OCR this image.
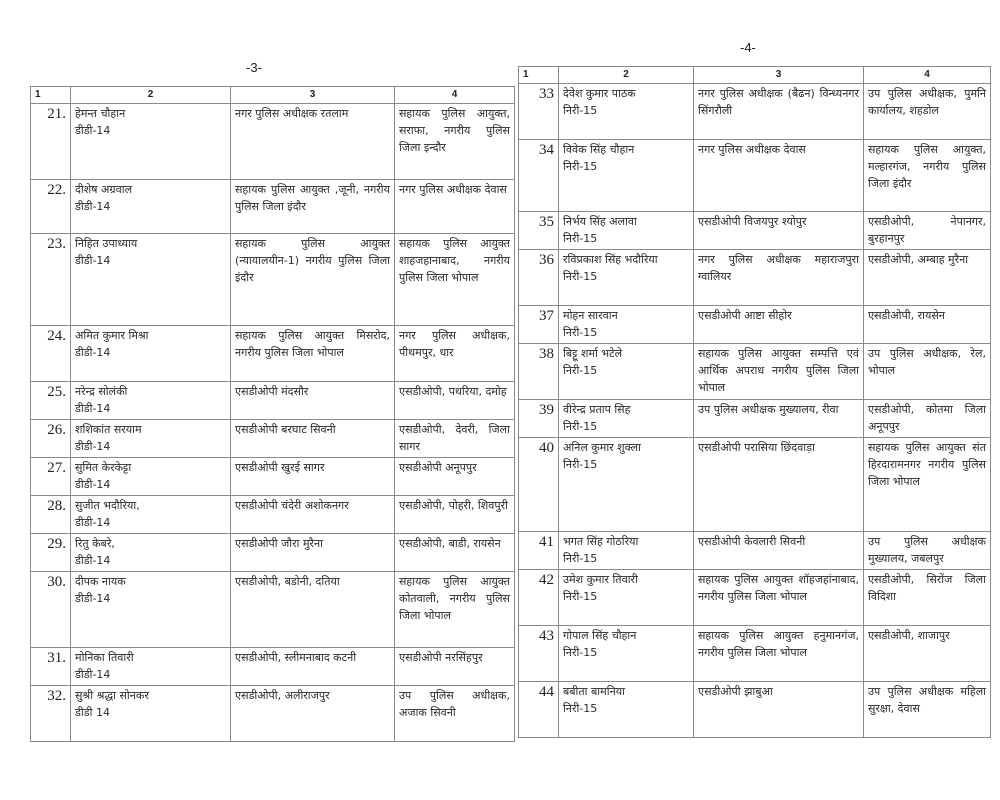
-3-
1	2	3	4
21.	हेमन्त चौहान
डीडी-14	नगर पुलिस अधीक्षक रतलाम	सहायक पुलिस आयुक्त, सराफा, नगरीय पुलिस जिला इन्दौर
22.	दीशेष अग्रवाल
डीडी-14	सहायक पुलिस आयुक्त ,जूनी, नगरीय पुलिस जिला इंदौर	नगर पुलिस अधीक्षक देवास
23.	निहित उपाध्याय
डीडी-14	सहायक पुलिस आयुक्त (न्यायालयीन-1) नगरीय पुलिस जिला इंदौर	सहायक पुलिस आयुक्त शाहजहानाबाद, नगरीय पुलिस जिला भोपाल
24.	अमित कुमार मिश्रा
डीडी-14	सहायक पुलिस आयुक्त मिसरोद, नगरीय पुलिस जिला भोपाल	नगर पुलिस अधीक्षक, पीथमपुर, धार
25.	नरेन्द्र सोलंकी
डीडी-14	एसडीओपी मंदसौर	एसडीओपी, पथरिया, दमोह
26.	शशिकांत सरयाम
डीडी-14	एसडीओपी बरघाट सिवनी	एसडीओपी, देवरी, जिला सागर
27.	सुमित केरकेट्टा
डीडी-14	एसडीओपी खुरई सागर	एसडीओपी अनूपपुर
28.	सुजीत भदौरिया,
डीडी-14	एसडीओपी चंदेरी अशोकनगर	एसडीओपी, पोहरी, शिवपुरी
29.	रितु केबरे,
डीडी-14	एसडीओपी जौरा मुरैना	एसडीओपी, बाडी, रायसेन
30.	दीपक नायक
डीडी-14	एसडीओपी, बडोनी, दतिया	सहायक पुलिस आयुक्त कोतवाली, नगरीय पुलिस जिला भोपाल
31.	मोनिका तिवारी
डीडी-14	एसडीओपी, स्लीमनाबाद कटनी	एसडीओपी नरसिंहपुर
32.	सुश्री श्रद्धा सोनकर
डीडी 14	एसडीओपी, अलीराजपुर	उप पुलिस अधीक्षक, अजाक सिवनी
-4-
1	2	3	4
33	देवेश कुमार पाठक
निरी-15	नगर पुलिस अधीक्षक (बैढन) विन्ध्यनगर सिंगरौली	उप पुलिस अधीक्षक, पुमनि कार्यालय, शहडोल
34	विवेक सिंह चौहान
निरी-15	नगर पुलिस अधीक्षक देवास	सहायक पुलिस आयुक्त, मल्हारगंज, नगरीय पुलिस जिला इंदौर
35	निर्भय सिंह अलावा
निरी-15	एसडीओपी विजयपुर श्योपुर	एसडीओपी, नेपानगर, बुरहानपुर
36	रविप्रकाश सिंह भदौरिया
निरी-15	नगर पुलिस अधीक्षक महाराजपुरा ग्वालियर	एसडीओपी, अम्बाह मुरैना
37	मोहन सारवान
निरी-15	एसडीओपी आष्टा सीहोर	एसडीओपी, रायसेन
38	बिट्टू शर्मा भटेले
निरी-15	सहायक पुलिस आयुक्त सम्पत्ति एवं आर्थिक अपराध नगरीय पुलिस जिला भोपाल	उप पुलिस अधीक्षक, रेल, भोपाल
39	वीरेन्द्र प्रताप सिह
निरी-15	उप पुलिस अधीक्षक मुख्यालय, रीवा	एसडीओपी, कोतमा जिला अनूपपुर
40	अनिल कुमार शुक्ला
निरी-15	एसडीओपी परासिया छिंदवाड़ा	सहायक पुलिस आयुक्त संत हिरदारामनगर नगरीय पुलिस जिला भोपाल
41	भगत सिंह गोठरिया
निरी-15	एसडीओपी केवलारी सिवनी	उप पुलिस अधीक्षक मुख्यालय, जबलपुर
42	उमेश कुमार तिवारी
निरी-15	सहायक पुलिस आयुक्त शॉहजहांनाबाद, नगरीय पुलिस जिला भोपाल	एसडीओपी, सिरोंज जिला विदिशा
43	गोपाल सिंह चौहान
निरी-15	सहायक पुलिस आयुक्त हनुमानगंज, नगरीय पुलिस जिला भोपाल	एसडीओपी, शाजापुर
44	बबीता बामनिया
निरी-15	एसडीओपी झाबुआ	उप पुलिस अधीक्षक महिला सुरक्षा, देवास
